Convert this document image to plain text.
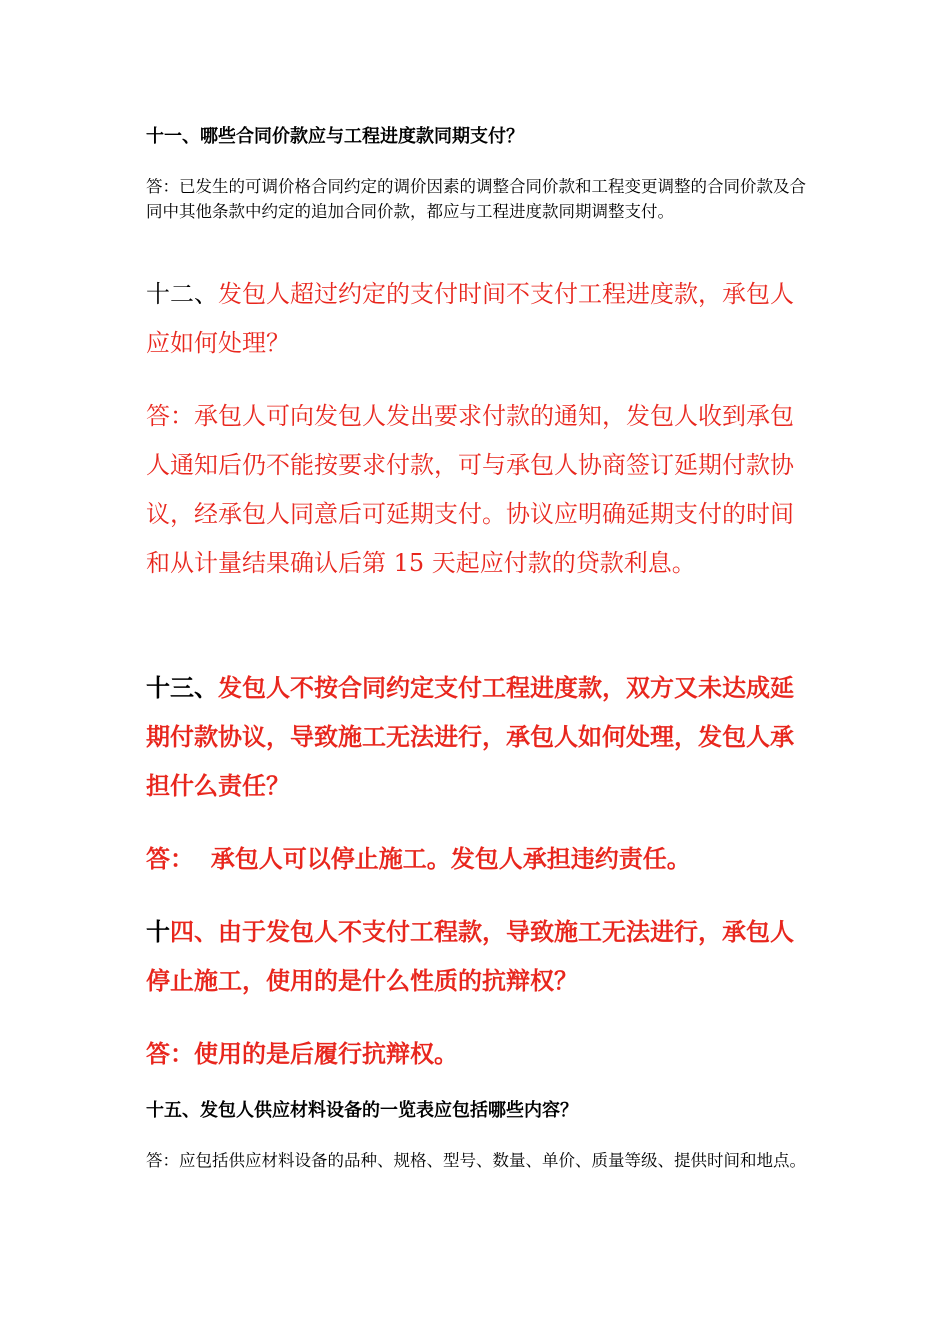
十一、哪些合同价款应与工程进度款同期支付？

答：已发生的可调价格合同约定的调价因素的调整合同价款和工程变更调整的合同价款及合同中其他条款中约定的追加合同价款，都应与工程进度款同期调整支付。

十二、发包人超过约定的支付时间不支付工程进度款，承包人应如何处理？

答：承包人可向发包人发出要求付款的通知，发包人收到承包人通知后仍不能按要求付款，可与承包人协商签订延期付款协议，经承包人同意后可延期支付。协议应明确延期支付的时间和从计量结果确认后第 15 天起应付款的贷款利息。

十三、发包人不按合同约定支付工程进度款，双方又未达成延期付款协议，导致施工无法进行，承包人如何处理，发包人承担什么责任？

答：  承包人可以停止施工。发包人承担违约责任。

十四、由于发包人不支付工程款，导致施工无法进行，承包人停止施工，使用的是什么性质的抗辩权？

答：使用的是后履行抗辩权。

十五、发包人供应材料设备的一览表应包括哪些内容？

答：应包括供应材料设备的品种、规格、型号、数量、单价、质量等级、提供时间和地点。
